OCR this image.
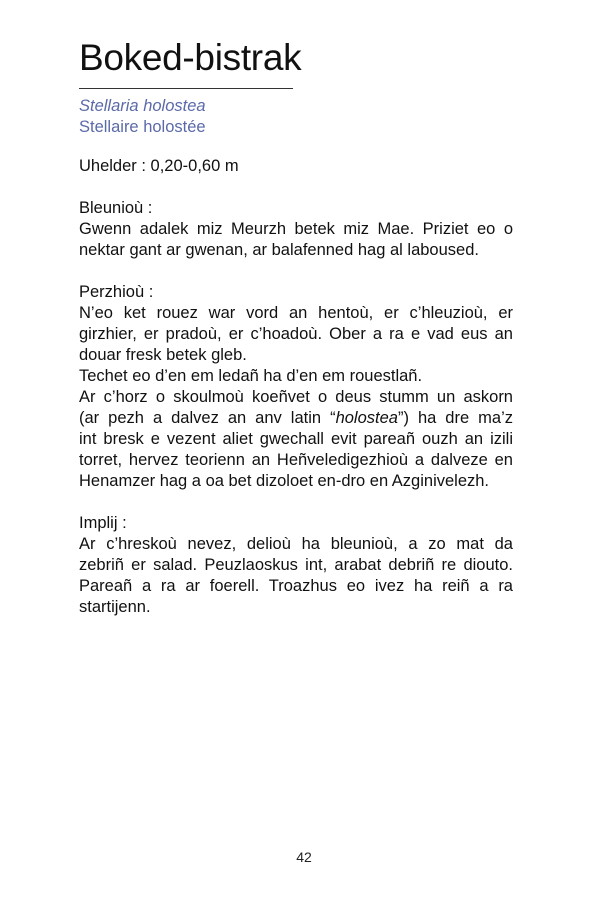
Boked-bistrak
Stellaria holostea
Stellaire holostée

Uhelder : 0,20-0,60 m

Bleunioù :

Gwenn adalek miz Meurzh betek miz Mae. Priziet eo o
nektar gant ar gwenan, ar balafenned hag al laboused.

Perzhioù :

N’eo ket rouez war vord an hentoù, er c’hleuzioù, er
girzhier, er pradoù, er c’hoadoù. Ober a ra e vad eus an
douar fresk betek gleb.

Techet eo d’en em ledañ ha d’en em rouestlañ.

Ar c’horz o skoulmoù koeñvet o deus stumm un askorn
(ar pezh a dalvez an anv latin “holostea”) ha dre ma’z
int bresk e vezent aliet gwechall evit pareañ ouzh an izili
torret, hervez teorienn an Heñveledigezhioù a dalveze en
Henamzer hag a oa bet dizoloet en-dro en Azginivelezh.

Implij :

Ar c’hreskoù nevez, delioù ha bleunioù, a zo mat da
zebriñ er salad. Peuzlaoskus int, arabat debriñ re diouto.
Pareañ a ra ar foerell. Troazhus eo ivez ha reiñ a ra
startijenn.

42
